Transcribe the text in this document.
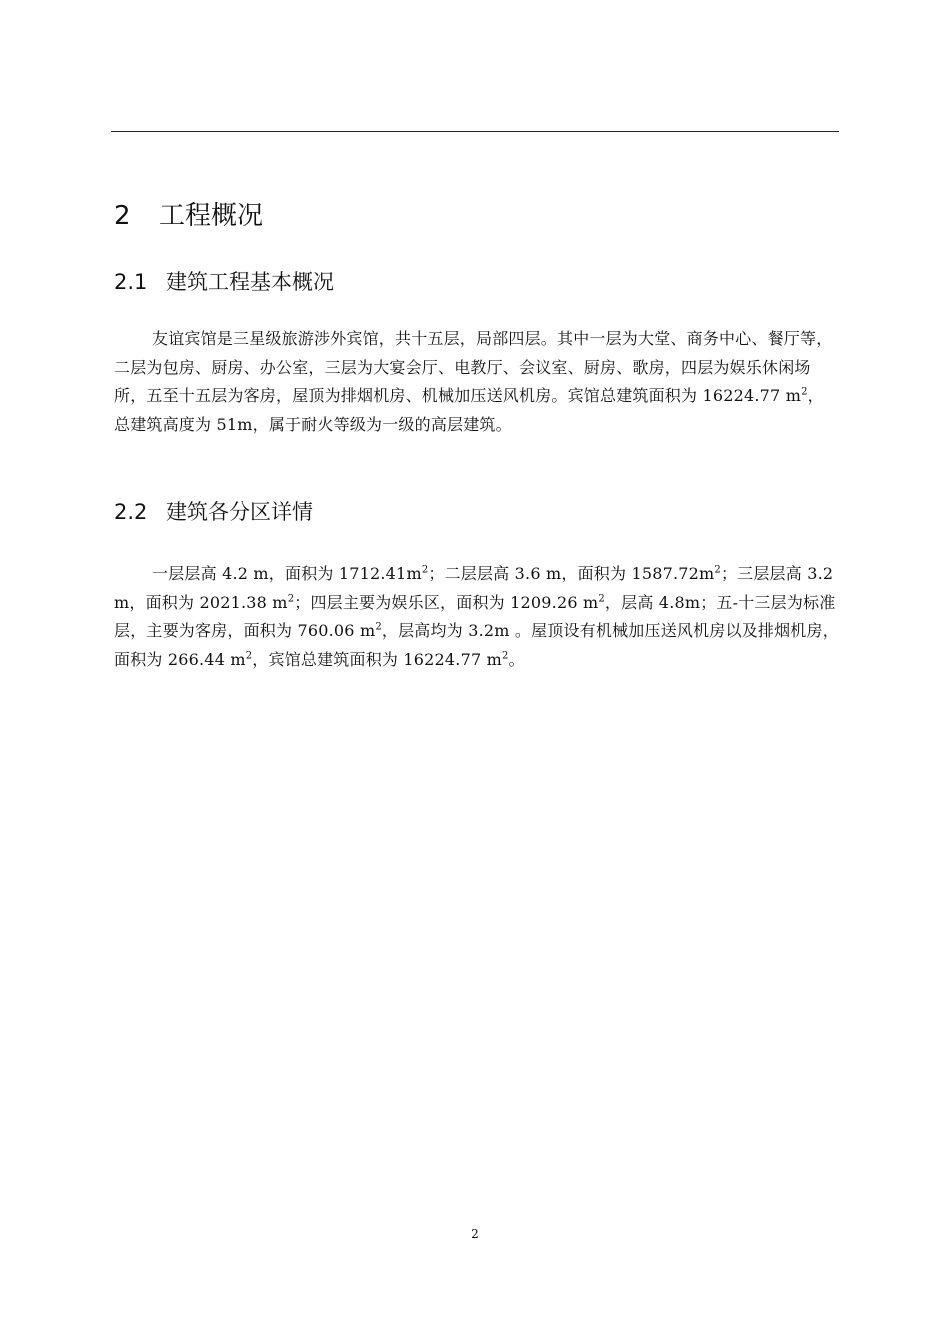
2 工程概况
2.1 建筑工程基本概况

友谊宾馆是三星级旅游涉外宾馆，共十五层，局部四层。其中一层为大堂、商务中心、餐厅等，二层为包房、厨房、办公室，三层为大宴会厅、电教厅、会议室、厨房、歌房，四层为娱乐休闲场所，五至十五层为客房，屋顶为排烟机房、机械加压送风机房。宾馆总建筑面积为 16224.77 $m^2$，总建筑高度为 51m，属于耐火等级为一级的高层建筑。

2.2 建筑各分区详情

一层层高 4.2 m，面积为 $1712.41m^2$；二层层高 3.6 m，面积为 $1587.72m^2$；三层层高 3.2 m，面积为 2021.38 $m^2$；四层主要为娱乐区，面积为 1209.26 $m^2$，层高 4.8m；五-十三层为标准层，主要为客房，面积为 760.06 $m^2$，层高均为 3.2m 。屋顶设有机械加压送风机房以及排烟机房，面积为 266.44 $m^2$，宾馆总建筑面积为 16224.77 $m^2$。

2
